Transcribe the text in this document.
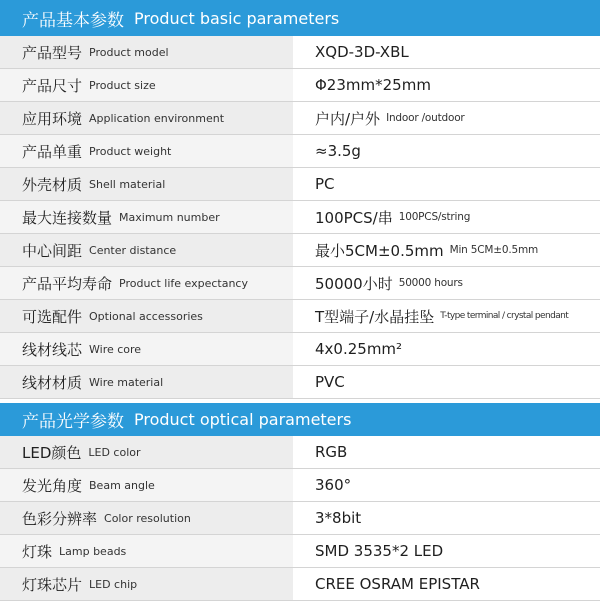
产品基本参数 Product basic parameters
产品型号 Product model	XQD-3D-XBL
产品尺寸 Product size	Φ23mm*25mm
应用环境 Application environment	户内/户外 Indoor /outdoor
产品单重 Product weight	≈3.5g
外壳材质 Shell material	PC
最大连接数量 Maximum number	100PCS/串 100PCS/string
中心间距 Center distance	最小5CM±0.5mm Min 5CM±0.5mm
产品平均寿命 Product life expectancy	50000小时 50000 hours
可选配件 Optional accessories	T型端子/水晶挂坠 T-type terminal / crystal pendant
线材线芯 Wire core	4x0.25mm²
线材材质 Wire material	PVC
产品光学参数 Product optical parameters
LED颜色 LED color	RGB
发光角度 Beam angle	360°
色彩分辨率 Color resolution	3*8bit
灯珠 Lamp beads	SMD 3535*2 LED
灯珠芯片 LED chip	CREE OSRAM EPISTAR
